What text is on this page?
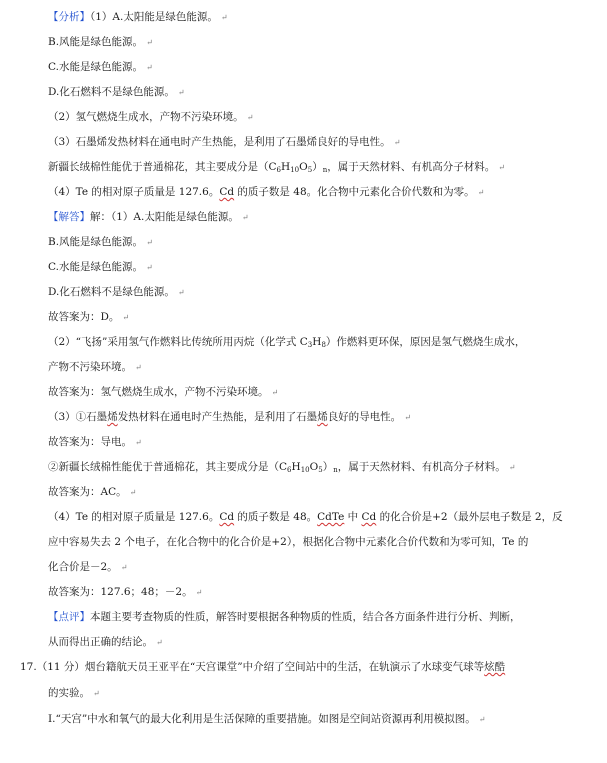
【分析】（1）A.太阳能是绿色能源。 ↵
B.风能是绿色能源。 ↵
C.水能是绿色能源。 ↵
D.化石燃料不是绿色能源。 ↵
（2）氢气燃烧生成水，产物不污染环境。 ↵
（3）石墨烯发热材料在通电时产生热能，是利用了石墨烯良好的导电性。 ↵
新疆长绒棉性能优于普通棉花，其主要成分是$(C_6H_{10}O_5)_n$，属于天然材料、有机高分子材料。 ↵
（4）Te 的相对原子质量是 127.6。Cd 的质子数是 48。化合物中元素化合价代数和为零。 ↵
【解答】解：（1）A.太阳能是绿色能源。 ↵
B.风能是绿色能源。 ↵
C.水能是绿色能源。 ↵
D.化石燃料不是绿色能源。 ↵
故答案为：D。 ↵
（2）“飞扬”采用氢气作燃料比传统所用丙烷（化学式 $C_3H_8$）作燃料更环保，原因是氢气燃烧生成水，
产物不污染环境。 ↵
故答案为：氢气燃烧生成水，产物不污染环境。 ↵
（3）①石墨烯发热材料在通电时产生热能，是利用了石墨烯良好的导电性。 ↵
故答案为：导电。 ↵
②新疆长绒棉性能优于普通棉花，其主要成分是$(C_6H_{10}O_5)_n$，属于天然材料、有机高分子材料。 ↵
故答案为：AC。 ↵
（4）Te 的相对原子质量是 127.6。Cd 的质子数是 48。CdTe 中 Cd 的化合价是+2（最外层电子数是 2，反
应中容易失去 2 个电子，在化合物中的化合价是+2），根据化合物中元素化合价代数和为零可知，Te 的
化合价是－2。 ↵
故答案为：127.6；48；－2。 ↵
【点评】本题主要考查物质的性质，解答时要根据各种物质的性质，结合各方面条件进行分析、判断，
从而得出正确的结论。 ↵
17.（11 分）烟台籍航天员王亚平在“天宫课堂”中介绍了空间站中的生活，在轨演示了水球变气球等炫酷
的实验。 ↵
Ⅰ.“天宫”中水和氧气的最大化利用是生活保障的重要措施。如图是空间站资源再利用模拟图。 ↵
